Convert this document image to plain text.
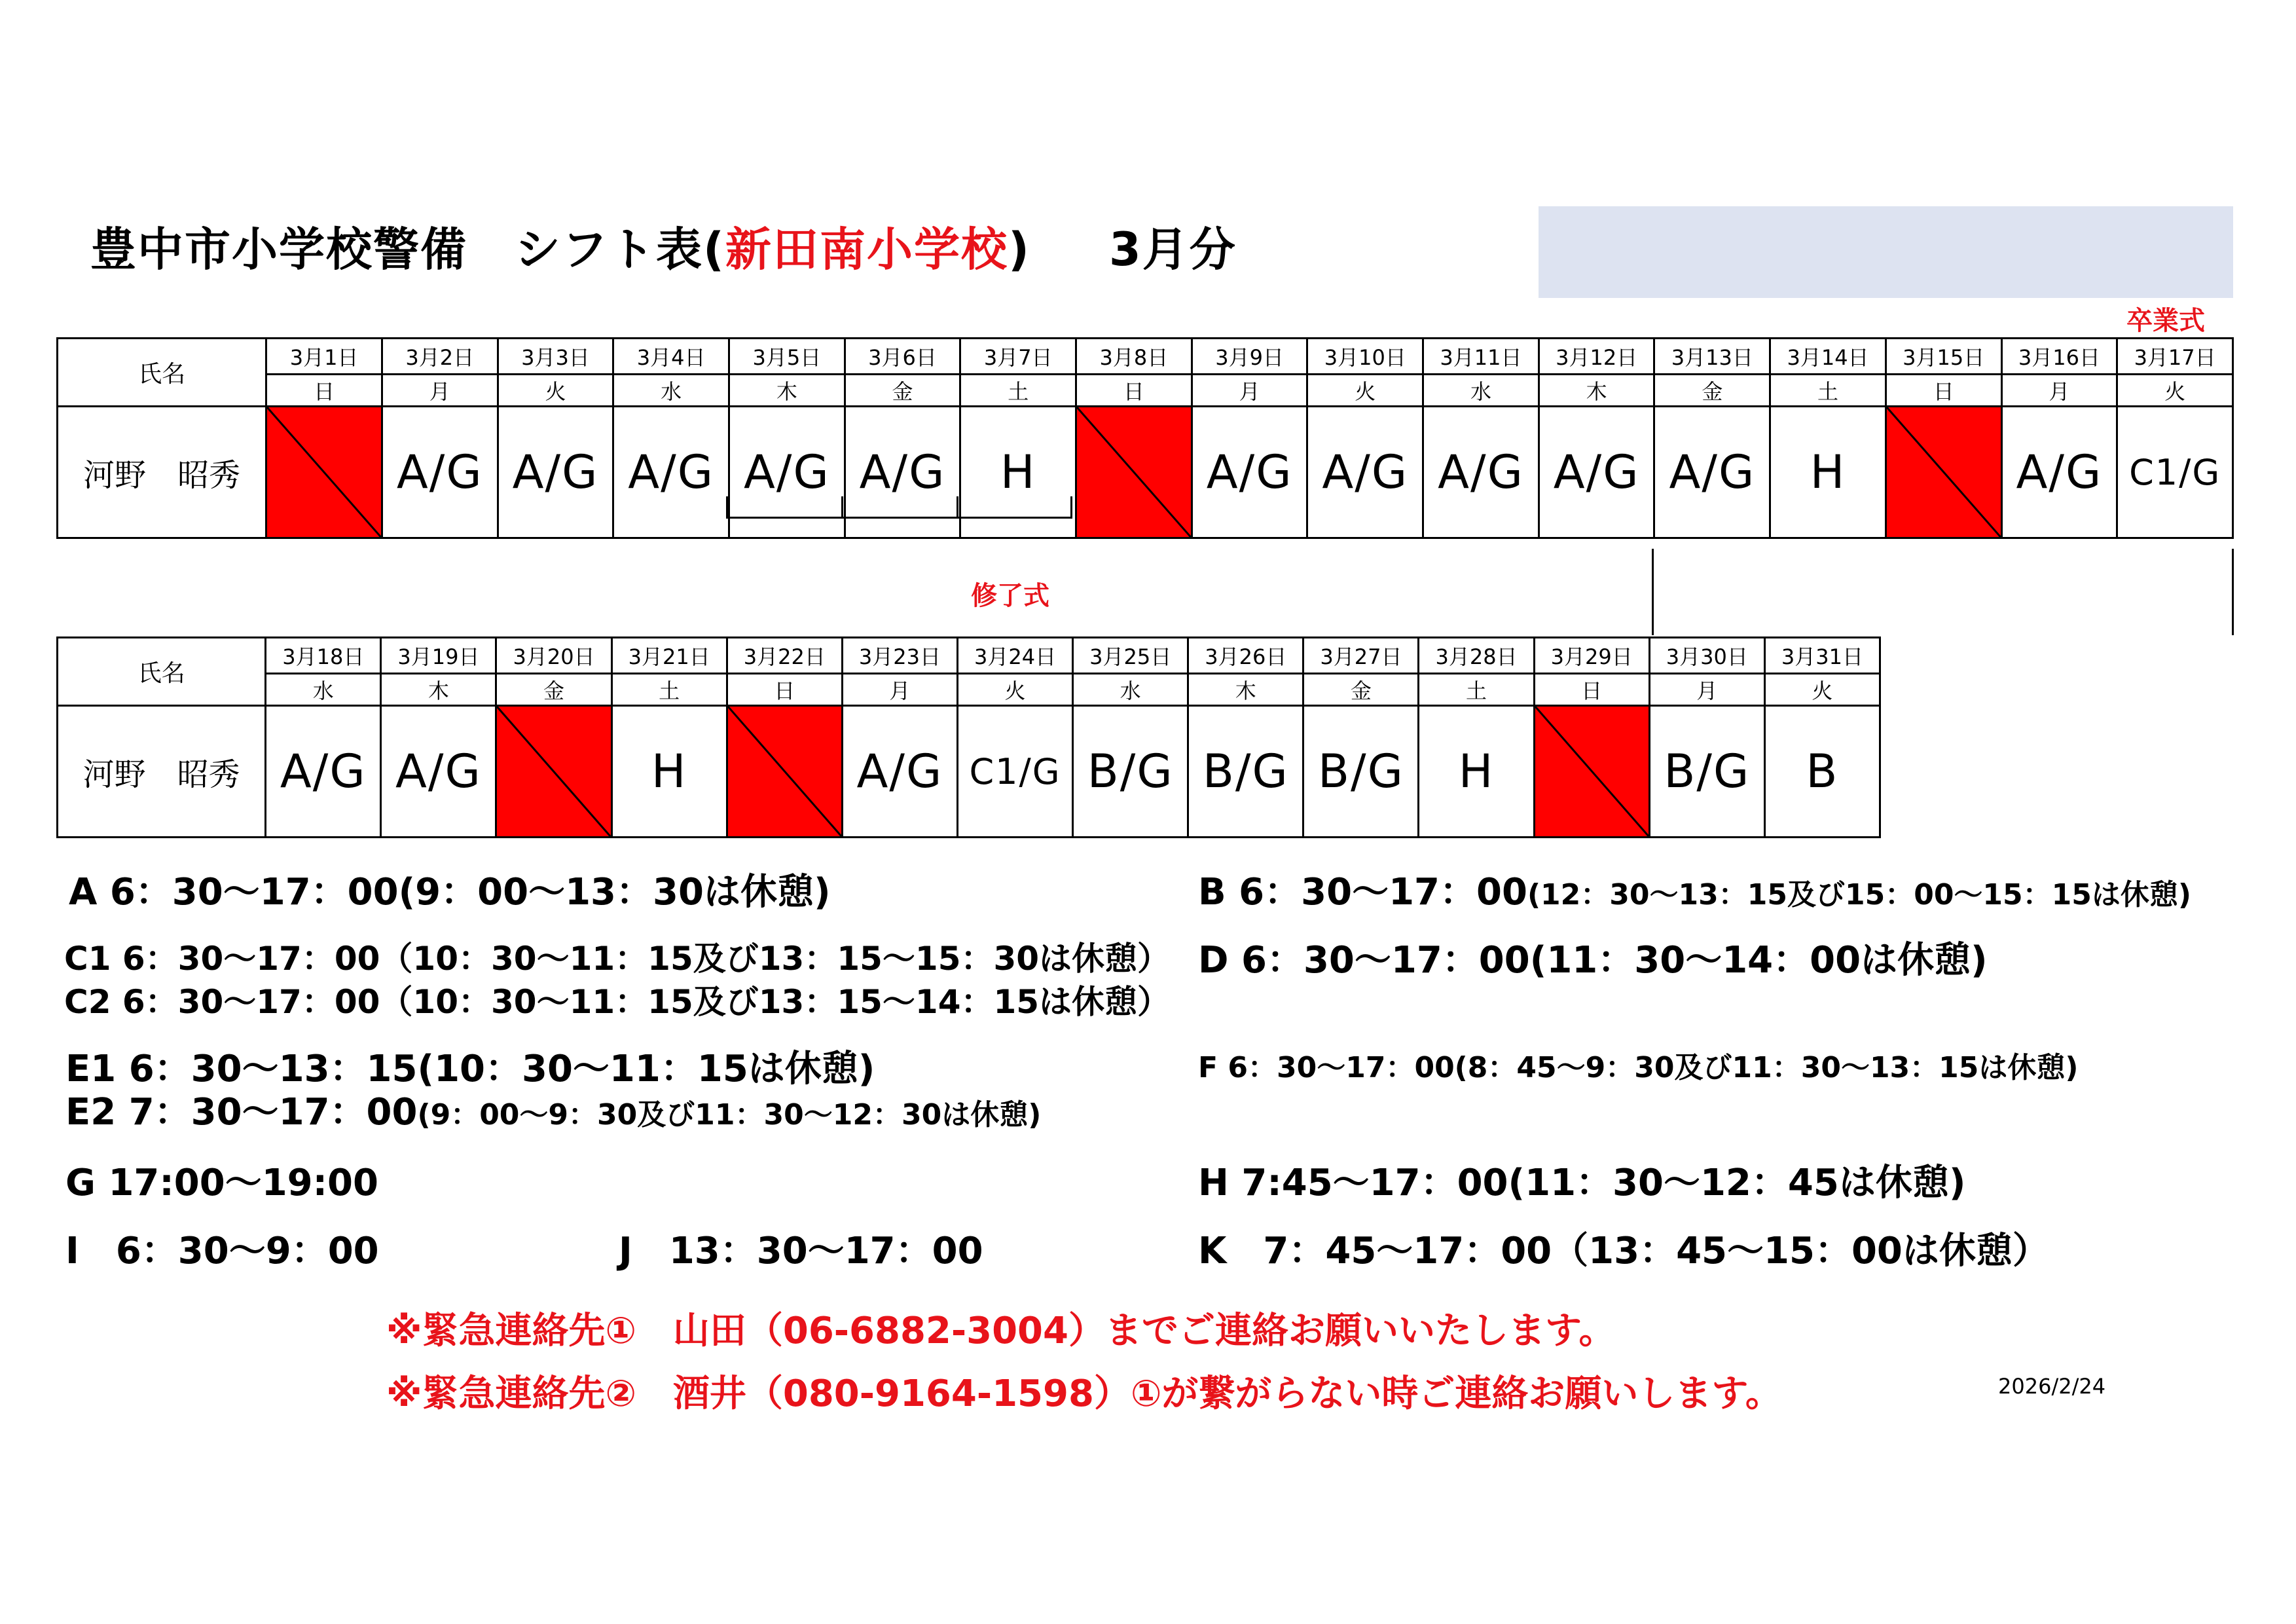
豊中市小学校警備　シフト表(新田南小学校) 3月分
卒業式
氏名	3月1日	3月2日	3月3日	3月4日	3月5日	3月6日	3月7日	3月8日	3月9日	3月10日	3月11日	3月12日	3月13日	3月14日	3月15日	3月16日	3月17日
	日	月	火	水	木	金	土	日	月	火	水	木	金	土	日	月	火
河野　昭秀		A/G	A/G	A/G	A/G	A/G	H		A/G	A/G	A/G	A/G	A/G	H		A/G	C1/G
修了式
氏名	3月18日	3月19日	3月20日	3月21日	3月22日	3月23日	3月24日	3月25日	3月26日	3月27日	3月28日	3月29日	3月30日	3月31日
	水	木	金	土	日	月	火	水	木	金	土	日	月	火
河野　昭秀	A/G	A/G		H		A/G	C1/G	B/G	B/G	B/G	H		B/G	B
A 6：30～17：00(9：00～13：30は休憩)	B 6：30～17：00(12：30～13：15及び15：00～15：15は休憩)
C1 6：30～17：00（10：30～11：15及び13：15～15：30は休憩）
C2 6：30～17：00（10：30～11：15及び13：15～14：15は休憩）
D 6：30～17：00(11：30～14：00は休憩)
E1 6：30～13：15(10：30～11：15は休憩)
E2 7：30～17：00(9：00～9：30及び11：30～12：30は休憩)
F 6：30～17：00(8：45～9：30及び11：30～13：15は休憩)
G 17:00～19:00	H 7:45～17：00(11：30～12：45は休憩)
I　6：30～9：00	J　13：30～17：00	K　7：45～17：00（13：45～15：00は休憩）
※緊急連絡先①　山田（06-6882-3004）までご連絡お願いいたします。
※緊急連絡先②　酒井（080-9164-1598）①が繋がらない時ご連絡お願いします。	2026/2/24
